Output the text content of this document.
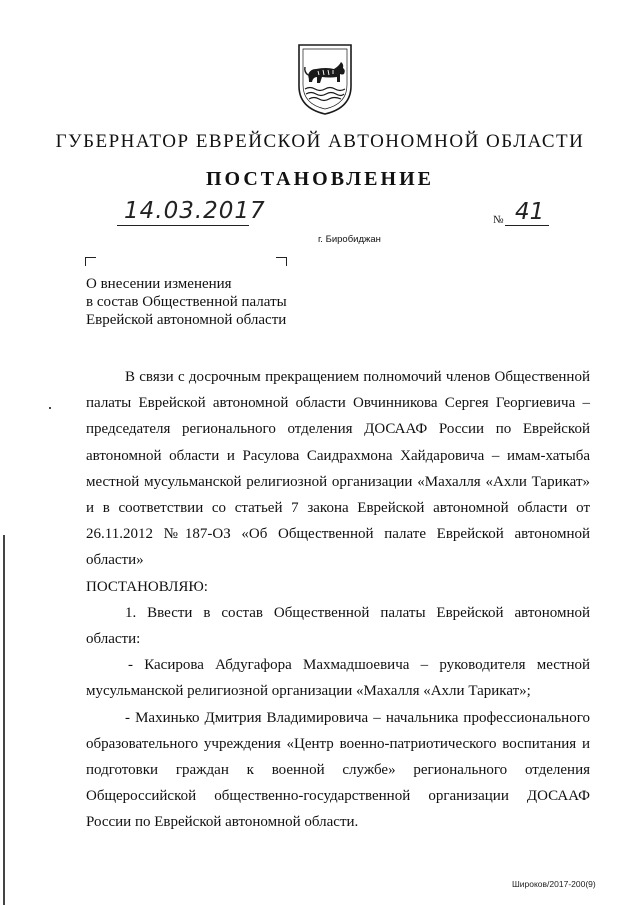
ГУБЕРНАТОР ЕВРЕЙСКОЙ АВТОНОМНОЙ ОБЛАСТИ
ПОСТАНОВЛЕНИЕ
14.03.2017	№ 41
г. Биробиджан
О внесении изменения
в состав Общественной палаты
Еврейской автономной области

В связи с досрочным прекращением полномочий членов Общественной палаты Еврейской автономной области Овчинникова Сергея Георгиевича – председателя регионального отделения ДОСААФ России по Еврейской автономной области и Расулова Саидрахмона Хайдаровича – имам-хатыба местной мусульманской религиозной организации «Махалля «Ахли Тарикат» и в соответствии со статьей 7 закона Еврейской автономной области от 26.11.2012 №187-ОЗ «Об Общественной палате Еврейской автономной области»

ПОСТАНОВЛЯЮ:

1. Ввести в состав Общественной палаты Еврейской автономной области:

- Касирова Абдугафора Махмадшоевича – руководителя местной мусульманской религиозной организации «Махалля «Ахли Тарикат»;

- Махинько Дмитрия Владимировича – начальника профессионального образовательного учреждения «Центр военно-патриотического воспитания и подготовки граждан к военной службе» регионального отделения Общероссийской общественно-государственной организации ДОСААФ России по Еврейской автономной области.

Широков/2017-200(9)
